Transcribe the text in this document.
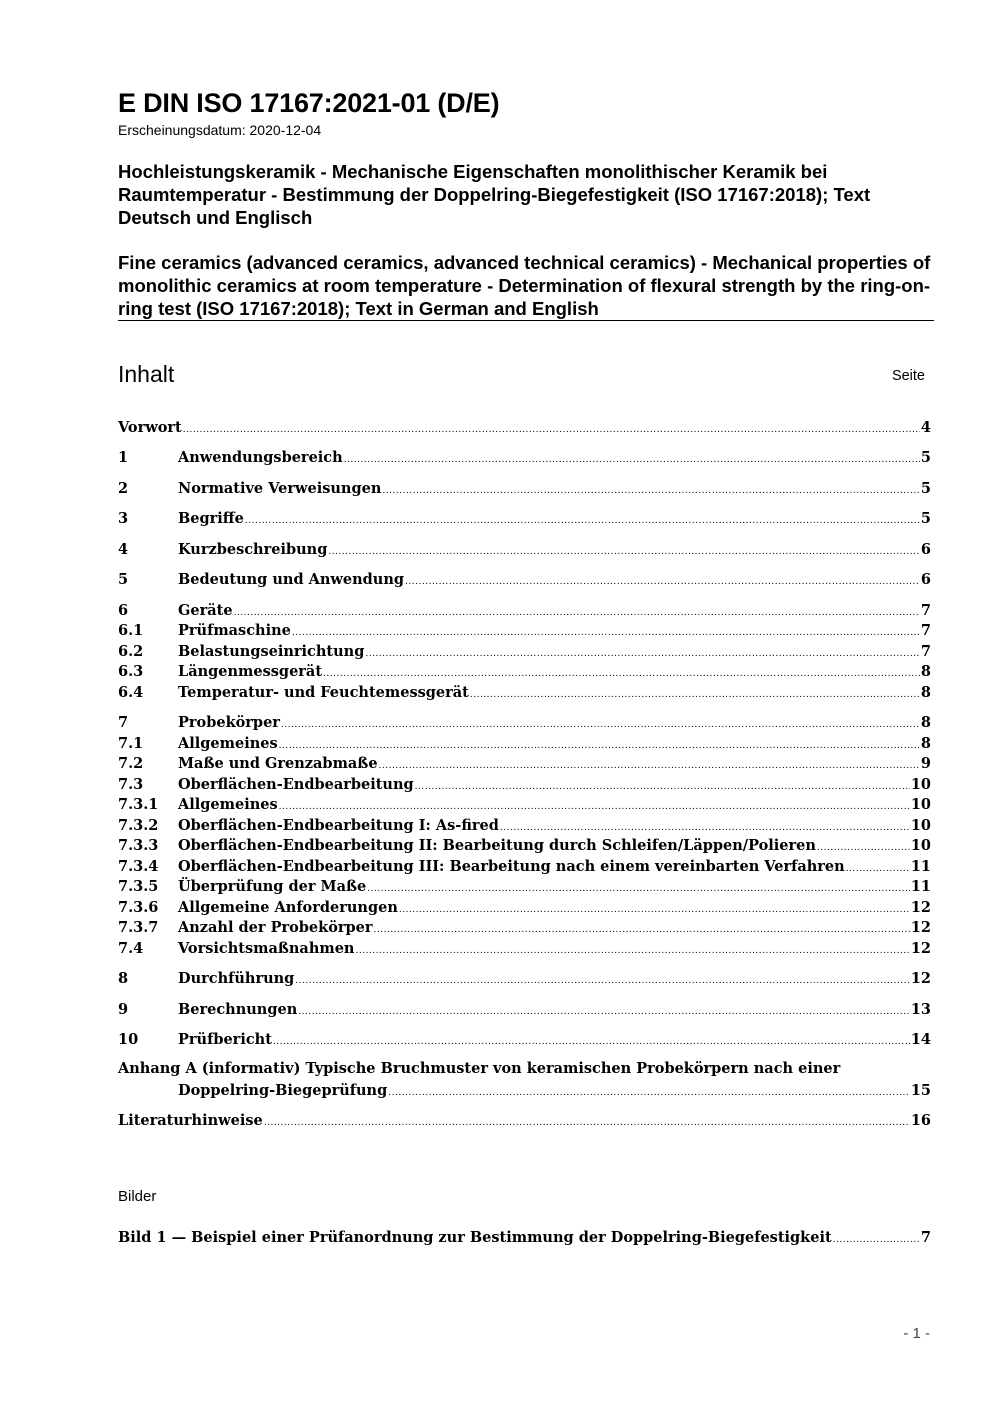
E DIN ISO 17167:2021-01 (D/E)
Erscheinungsdatum: 2020-12-04
Hochleistungskeramik - Mechanische Eigenschaften monolithischer Keramik bei Raumtemperatur - Bestimmung der Doppelring-Biegefestigkeit (ISO 17167:2018); Text Deutsch und Englisch
Fine ceramics (advanced ceramics, advanced technical ceramics) - Mechanical properties of monolithic ceramics at room temperature - Determination of flexural strength by the ring-on-ring test (ISO 17167:2018); Text in German and English
Inhalt	Seite
Vorwort .....	4
1	Anwendungsbereich .....	5
2	Normative Verweisungen .....	5
3	Begriffe .....	5
4	Kurzbeschreibung .....	6
5	Bedeutung und Anwendung .....	6
6	Geräte .....	7
6.1	Prüfmaschine .....	7
6.2	Belastungseinrichtung .....	7
6.3	Längenmessgerät .....	8
6.4	Temperatur- und Feuchtemessgerät .....	8
7	Probekörper .....	8
7.1	Allgemeines .....	8
7.2	Maße und Grenzabmaße .....	9
7.3	Oberflächen-Endbearbeitung .....	10
7.3.1	Allgemeines .....	10
7.3.2	Oberflächen-Endbearbeitung I: As-fired .....	10
7.3.3	Oberflächen-Endbearbeitung II: Bearbeitung durch Schleifen/Läppen/Polieren .....	10
7.3.4	Oberflächen-Endbearbeitung III: Bearbeitung nach einem vereinbarten Verfahren .....	11
7.3.5	Überprüfung der Maße .....	11
7.3.6	Allgemeine Anforderungen .....	12
7.3.7	Anzahl der Probekörper .....	12
7.4	Vorsichtsmaßnahmen .....	12
8	Durchführung .....	12
9	Berechnungen .....	13
10	Prüfbericht .....	14
Anhang A (informativ) Typische Bruchmuster von keramischen Probekörpern nach einer
Doppelring-Biegeprüfung .....	15
Literaturhinweise .....	16
Bilder
Bild 1 — Beispiel einer Prüfanordnung zur Bestimmung der Doppelring-Biegefestigkeit .....	7
- 1 -
